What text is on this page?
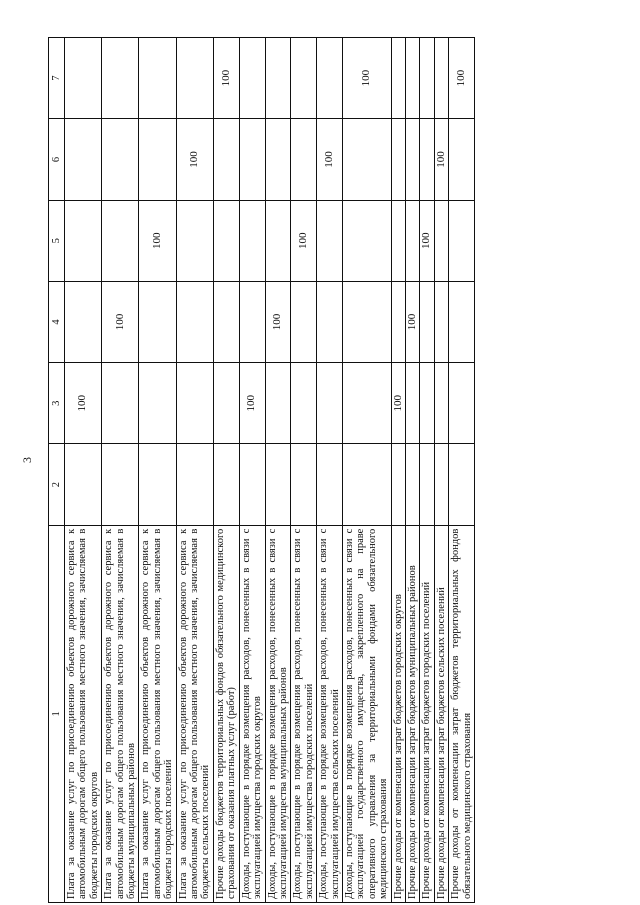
3
1	2	3	4	5	6	7
Плата за оказание услуг по присоединению объектов дорожного сервиса к автомобильным дорогам общего пользования местного значения, зачисляемая в бюджеты городских округов		100				
Плата за оказание услуг по присоединению объектов дорожного сервиса к автомобильным дорогам общего пользования местного значения, зачисляемая в бюджеты муниципальных районов			100			
Плата за оказание услуг по присоединению объектов дорожного сервиса к автомобильным дорогам общего пользования местного значения, зачисляемая в бюджеты городских поселений				100		
Плата за оказание услуг по присоединению объектов дорожного сервиса к автомобильным дорогам общего пользования местного значения, зачисляемая в бюджеты сельских поселений					100	
Прочие доходы бюджетов территориальных фондов обязательного медицинского страхования от оказания платных услуг (работ)						100
Доходы, поступающие в порядке возмещения расходов, понесенных в связи с эксплуатацией имущества городских округов		100				
Доходы, поступающие в порядке возмещения расходов, понесенных в связи с эксплуатацией имущества муниципальных районов			100			
Доходы, поступающие в порядке возмещения расходов, понесенных в связи с эксплуатацией имущества городских поселений				100		
Доходы, поступающие в порядке возмещения расходов, понесенных в связи с эксплуатацией имущества сельских поселений					100	
Доходы, поступающие в порядке возмещения расходов, понесенных в связи с эксплуатацией государственного имущества, закрепленного на праве оперативного управления за территориальными фондами обязательного медицинского страхования						100
Прочие доходы от компенсации затрат бюджетов городских округов		100				
Прочие доходы от компенсации затрат бюджетов муниципальных районов			100			
Прочие доходы от компенсации затрат бюджетов городских поселений				100		
Прочие доходы от компенсации затрат бюджетов сельских поселений					100	
Прочие доходы от компенсации затрат бюджетов территориальных фондов обязательного медицинского страхования						100
